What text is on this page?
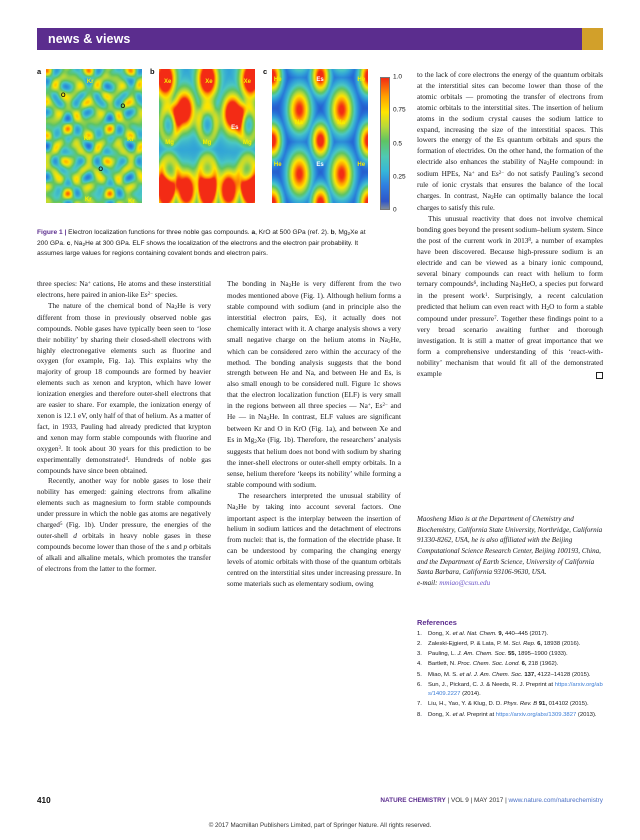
news & views
a
Kr
O
O
Kr	Kr
O
Kr	Kr
b
Xe	Xe	Xe
Es
Mg	Mg	Mg
c
He	Es	He
Na	Na
He	Es	He
1.0
0.75
0.5
0.25
0
Figure 1 | Electron localization functions for three noble gas compounds. a, KrO at 500 GPa (ref. 2). b, $Mg_2Xe$ at 200 GPa. c, $Na_2He$ at 300 GPa. ELF shows the localization of the electrons and the electron pair probability. It assumes large values for regions containing covalent bonds and electron pairs.

three species: Na+ cations, He atoms and these insterstitial electrons, here paired in anion-like $Es^{2-}$ species.

The nature of the chemical bond of $Na_2He$ is very different from those in previously observed noble gas compounds. Noble gases have typically been seen to ‘lose their nobility’ by sharing their closed-shell electrons with highly electronegative elements such as fluorine and oxygen (for example, Fig. 1a). This explains why the majority of group 18 compounds are formed by heavier elements such as xenon and krypton, which have lower ionization energies and therefore outer-shell electrons that are easier to share. For example, the ionization energy of xenon is 12.1 eV, only half of that of helium. As a matter of fact, in 1933, Pauling had already predicted that krypton and xenon may form stable compounds with fluorine and oxygen$^3$. It took about 30 years for this prediction to be experimentally demonstrated$^4$. Hundreds of noble gas compounds have since been obtained.

Recently, another way for noble gases to lose their nobility has emerged: gaining electrons from alkaline elements such as magnesium to form stable compounds under pressure in which the noble gas atoms are negatively charged$^5$ (Fig. 1b). Under pressure, the energies of the outer-shell d orbitals in heavy noble gases in these compounds become lower than those of the s and p orbitals of alkali and alkaline metals, which promotes the transfer of electrons from the latter to the former.

The bonding in $Na_2He$ is very different from the two modes mentioned above (Fig. 1). Although helium forms a stable compound with sodium (and in principle also the interstitial electron pairs, Es), it actually does not chemically interact with it. A charge analysis shows a very small negative charge on the helium atoms in $Na_2He$, which can be considered zero within the accuracy of the method. The bonding analysis suggests that the bond strength between He and Na, and between He and Es, is also small enough to be considered null. Figure 1c shows that the electron localization function (ELF) is very small in the regions between all three species — Na+, $Es^{2-}$ and He — in $Na_2He$. In contrast, ELF values are significant between Kr and O in KrO (Fig. 1a), and between Xe and Es in $Mg_2Xe$ (Fig. 1b). Therefore, the researchers’ analysis suggests that helium does not bond with sodium by sharing the inner-shell electrons or outer-shell empty orbitals. In a sense, helium therefore ‘keeps its nobility’ while forming a stable compound with sodium.

The researchers interpreted the unusual stability of $Na_2He$ by taking into account several factors. One important aspect is the interplay between the insertion of helium in sodium lattices and the detachment of electrons from nuclei: that is, the formation of the electride phase. It can be understood by comparing the changing energy levels of atomic orbitals with those of the quantum orbitals centred on the interstitial sites under increasing pressure. In some materials such as elementary sodium, owing

to the lack of core electrons the energy of the quantum orbitals at the interstitial sites can become lower than those of the atomic orbitals — promoting the transfer of electrons from atomic orbitals to the interstitial sites. The insertion of helium atoms in the sodium crystal causes the sodium lattice to expand, increasing the size of the interstitial spaces. This lowers the energy of the Es quantum orbitals and spurs the formation of electrides. On the other hand, the formation of the electride also enhances the stability of $Na_2He$ compound: in sodium HPEs, Na+ and $Es^{2-}$ do not satisfy Pauling’s second rule of ionic crystals that ensures the balance of the local charges. In contrast, $Na_2He$ can optimally balance the local charges to satisfy this rule.

This unusual reactivity that does not involve chemical bonding goes beyond the present sodium–helium system. Since the post of the current work in 2013$^8$, a number of examples have been discovered. Because high-pressure sodium is an electride and can be viewed as a binary ionic compound, several binary compounds can react with helium to form ternary compounds$^6$, including $Na_2HeO$, a species put forward in the present work$^1$. Surprisingly, a recent calculation predicted that helium can even react with $H_2O$ to form a stable compound under pressure$^7$. Together these findings point to a very broad scenario awaiting further and thorough investigation. It is still a matter of great importance that we form a comprehensive understanding of this ‘react-with-nobility’ mechanism that would fit all of the demonstrated example

Maosheng Miao is at the Department of Chemistry and Biochemistry, California State University, Northridge, California 91330-8262, USA, he is also affiliated with the Beijing Computational Science Research Center, Beijing 100193, China, and the Department of Earth Science, University of California Santa Barbara, California 93106-9630, USA.
e-mail: mmiao@csun.edu
References
1. Dong, X. et al. Nat. Chem. 9, 440–445 (2017).
2. Zaleski-Ejgierd, P. & Lata, P. M. Sci. Rep. 6, 18938 (2016).
3. Pauling, L. J. Am. Chem. Soc. 55, 1895–1900 (1933).
4. Bartlett, N. Proc. Chem. Soc. Lond. 6, 218 (1962).
5. Miao, M. S. et al. J. Am. Chem. Soc. 137, 4122–14128 (2015).
6. Sun, J., Pickard, C. J. & Needs, R. J. Preprint at https://arxiv.org/abs/1409.2227 (2014).
7. Liu, H., Yao, Y. & Klug, D. D. Phys. Rev. B 91, 014102 (2015).
8. Dong, X. et al. Preprint at https://arxiv.org/abs/1309.3827 (2013).
410	NATURE CHEMISTRY | VOL 9 | MAY 2017 | www.nature.com/naturechemistry
© 2017 Macmillan Publishers Limited, part of Springer Nature. All rights reserved.
